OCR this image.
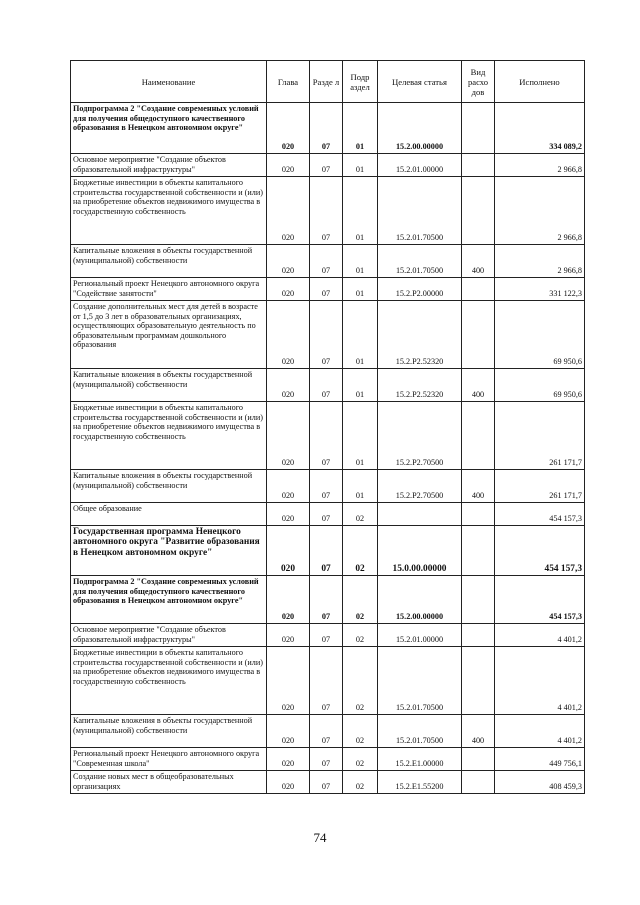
Наименование	Глава	Разде л	Подр аздел	Целевая статья	Вид расхо дов	Исполнено
Подпрограмма 2 "Создание современных условий для получения общедоступного качественного образования в Ненецком автономном округе"	020	07	01	15.2.00.00000		334 089,2
Основное мероприятие "Создание объектов образовательной инфраструктуры"	020	07	01	15.2.01.00000		2 966,8
Бюджетные инвестиции в объекты капитального строительства государственной собственности и (или) на приобретение объектов недвижимого имущества в государственную собственность	020	07	01	15.2.01.70500		2 966,8
Капитальные вложения в объекты государственной (муниципальной) собственности	020	07	01	15.2.01.70500	400	2 966,8
Региональный проект Ненецкого автономного округа "Содействие занятости"	020	07	01	15.2.P2.00000		331 122,3
Создание дополнительных мест для детей в возрасте от 1,5 до 3 лет в образовательных организациях, осуществляющих образовательную деятельность по образовательным программам дошкольного образования	020	07	01	15.2.P2.52320		69 950,6
Капитальные вложения в объекты государственной (муниципальной) собственности	020	07	01	15.2.P2.52320	400	69 950,6
Бюджетные инвестиции в объекты капитального строительства государственной собственности и (или) на приобретение объектов недвижимого имущества в государственную собственность	020	07	01	15.2.P2.70500		261 171,7
Капитальные вложения в объекты государственной (муниципальной) собственности	020	07	01	15.2.P2.70500	400	261 171,7
Общее образование	020	07	02			454 157,3
Государственная программа Ненецкого автономного округа "Развитие образования в Ненецком автономном округе"	020	07	02	15.0.00.00000		454 157,3
Подпрограмма 2 "Создание современных условий для получения общедоступного качественного образования в Ненецком автономном округе"	020	07	02	15.2.00.00000		454 157,3
Основное мероприятие "Создание объектов образовательной инфраструктуры"	020	07	02	15.2.01.00000		4 401,2
Бюджетные инвестиции в объекты капитального строительства государственной собственности и (или) на приобретение объектов недвижимого имущества в государственную собственность	020	07	02	15.2.01.70500		4 401,2
Капитальные вложения в объекты государственной (муниципальной) собственности	020	07	02	15.2.01.70500	400	4 401,2
Региональный проект Ненецкого автономного округа "Современная школа"	020	07	02	15.2.E1.00000		449 756,1
Создание новых мест в общеобразовательных организациях	020	07	02	15.2.E1.55200		408 459,3
74
